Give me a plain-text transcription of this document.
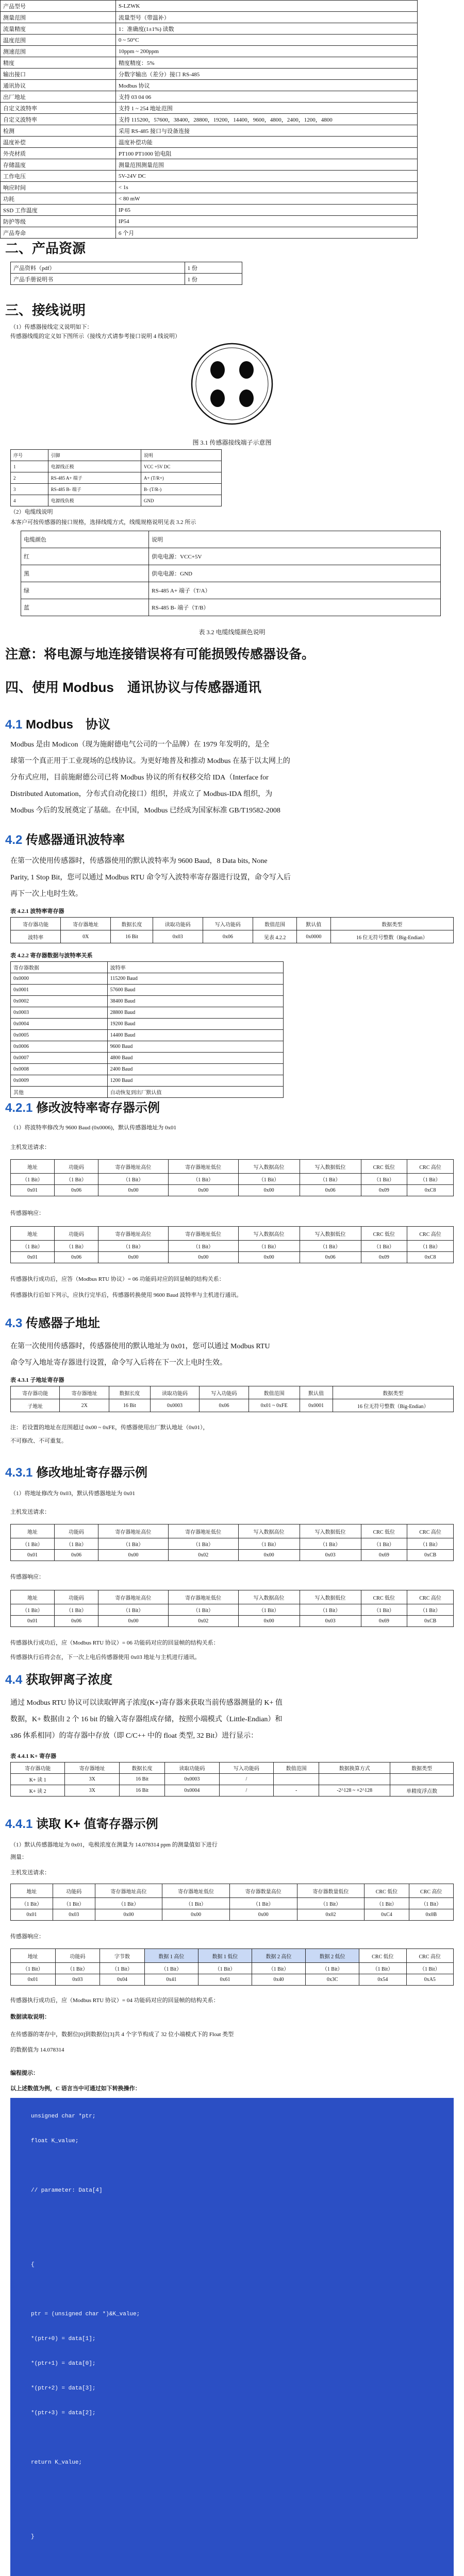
产品型号	S-LZWK
测量范围	流量型号（带温补）
流量精度	1：准确度(1±1%) 读数
温度范围	0 ~ 50°C
测速范围	10ppm ~ 200ppm
精度	精度精度：5%
输出接口	分数字输出（差分）接口 RS-485
通讯协议	Modbus 协议
出厂地址	支持 03 04 06
自定义波特率	支持 1 ~ 254 地址范围
自定义波特率	支持 115200，57600，38400，28800，19200，14400，9600，4800，2400，1200，4800
检测	采用 RS-485 接口与设备连接
温度补偿	温度补偿功能
外壳材质	PT100 PT1000 铂电阻
存储温度	测量范围测量范围
工作电压	5V-24V DC
响应时间	< 1s
功耗	< 80 mW
SSD 工作温度	IP 65
防护等级	IP54
产品寿命	6 个月
二、产品资源
产品资料（pdf）	1 份
产品手册说明书	1 份
三、接线说明
（1）传感器接线定义说明如下：
传感器线缆的定义如下图所示（接线方式请参考接口说明 4 线说明）
图 3.1 传感器接线端子示意图
序号	引脚	说明
1	电源线正极	VCC +5V DC
2	RS-485 A+ 端子	A+ (T/R+)
3	RS-485 B- 端子	B- (T/R-)
4	电源线负极	GND
（2）电缆线说明
本客户可按传感器的接口规格，选择线缆方式，线缆规格说明见表 3.2 所示
电缆颜色	说明
红	供电电源：VCC+5V
黑	供电电源：GND
绿	RS-485 A+ 端子（T/A）
蓝	RS-485 B- 端子（T/B）
表 3.2 电缆线缆颜色说明
注意：将电源与地连接错误将有可能损毁传感器设备。
四、使用 Modbus　通讯协议与传感器通讯
4.1 Modbus　协议
Modbus 是由 Modicon（现为施耐德电气公司的一个品牌）在 1979 年发明的，是全
球第一个真正用于工业现场的总线协议。为更好地普及和推动 Modbus 在基于以太网上的
分布式应用，目前施耐德公司已将 Modbus 协议的所有权移交给 IDA（Interface for
Distributed Automation，分布式自动化接口）组织，并成立了 Modbus-IDA 组织，为
Modbus 今后的发展奠定了基础。在中国，Modbus 已经成为国家标准 GB/T19582-2008
4.2 传感器通讯波特率
在第一次使用传感器时，传感器使用的默认波特率为 9600 Baud，8 Data bits, None
Parity, 1 Stop Bit，您可以通过 Modbus RTU 命令写入波特率寄存器进行设置，命令写入后
再下一次上电时生效。
表 4.2.1 波特率寄存器
寄存器功能	寄存器地址	数据长度	读取功能码	写入功能码	数值范围	默认值	数据类型
波特率	0X	16 Bit	0x03	0x06	见表 4.2.2	0x0000	16 位无符号整数（Big-Endian）
表 4.2.2 寄存器数据与波特率关系
寄存器数据	波特率
0x0000	115200 Baud
0x0001	57600 Baud
0x0002	38400 Baud
0x0003	28800 Baud
0x0004	19200 Baud
0x0005	14400 Baud
0x0006	9600 Baud
0x0007	4800 Baud
0x0008	2400 Baud
0x0009	1200 Baud
其他	自动恢复到出厂默认值
4.2.1 修改波特率寄存器示例
（1）将波特率修改为 9600 Baud (0x0006)，默认传感器地址为 0x01
主机发送请求：
地址	功能码	寄存器地址高位	寄存器地址低位	写入数据高位	写入数据低位	CRC 低位	CRC 高位
（1 Bit）	（1 Bit）	（1 Bit）	（1 Bit）	（1 Bit）	（1 Bit）	（1 Bit）	（1 Bit）
0x01	0x06	0x00	0x00	0x00	0x06	0x09	0xC8
传感器响应：
地址	功能码	寄存器地址高位	寄存器地址低位	写入数据高位	写入数据低位	CRC 低位	CRC 高位
（1 Bit）	（1 Bit）	（1 Bit）	（1 Bit）	（1 Bit）	（1 Bit）	（1 Bit）	（1 Bit）
0x01	0x06	0x00	0x00	0x00	0x06	0x09	0xC8
传感器执行成功后，应答（Modbus RTU 协议）= 06 功能码对应的回显帧的结构关系：
传感器执行后如下列示，应执行完毕后，传感器转换使用 9600 Baud 波特率与主机进行通讯。
4.3 传感器子地址
在第一次使用传感器时，传感器使用的默认地址为 0x01，您可以通过 Modbus RTU
命令写入地址寄存器进行设置，命令写入后将在下一次上电时生效。
表 4.3.1 子地址寄存器
寄存器功能	寄存器地址	数据长度	读取功能码	写入功能码	数值范围	默认值	数据类型
子地址	2X	16 Bit	0x0003	0x06	0x01 ~ 0xFE	0x0001	16 位无符号整数（Big-Endian）
注：若设置的地址在范围超过 0x00 ~ 0xFE，传感器使用出厂默认地址（0x01），
不可修改、不可重复。
4.3.1 修改地址寄存器示例
（1）将地址修改为 0x03，默认传感器地址为 0x01
主机发送请求：
地址	功能码	寄存器地址高位	寄存器地址低位	写入数据高位	写入数据低位	CRC 低位	CRC 高位
（1 Bit）	（1 Bit）	（1 Bit）	（1 Bit）	（1 Bit）	（1 Bit）	（1 Bit）	（1 Bit）
0x01	0x06	0x00	0x02	0x00	0x03	0x69	0xCB
传感器响应：
地址	功能码	寄存器地址高位	寄存器地址低位	写入数据高位	写入数据低位	CRC 低位	CRC 高位
（1 Bit）	（1 Bit）	（1 Bit）	（1 Bit）	（1 Bit）	（1 Bit）	（1 Bit）	（1 Bit）
0x01	0x06	0x00	0x02	0x00	0x03	0x69	0xCB
传感器执行成功后，应（Modbus RTU 协议）= 06 功能码对应的回显帧的结构关系：
传感器执行后将会在，下一次上电后传感器使用 0x03 地址与主机进行通讯。
4.4 获取钾离子浓度
通过 Modbus RTU 协议可以读取钾离子浓度(K+)寄存器来获取当前传感器测量的 K+ 值
数据，K+ 数据由 2 个 16 bit 的输入寄存器组成存储，按照小端模式（Little-Endian）和
x86 体系相同）的寄存器中存放（即 C/C++ 中的 float 类型, 32 Bit）进行显示：
表 4.4.1 K+ 寄存器
寄存器功能	寄存器地址	数据长度	读取功能码	写入功能码	数值范围	数据换算方式	数据类型
K+ 读 1	3X	16 Bit	0x0003	/			
K+ 读 2	3X	16 Bit	0x0004	/	-	-2^128 ~ +2^128	单精度浮点数
4.4.1 读取 K+ 值寄存器示例
（1）默认传感器地址为 0x01，电极浓度在测量为 14.078314 ppm 的测量值如下进行
测量：
主机发送请求：
地址	功能码	寄存器地址高位	寄存器地址低位	寄存器数量高位	寄存器数量低位	CRC 低位	CRC 高位
（1 Bit）	（1 Bit）	（1 Bit）	（1 Bit）	（1 Bit）	（1 Bit）	（1 Bit）	（1 Bit）
0x01	0x03	0x00	0x00	0x00	0x02	0xC4	0x0B
传感器响应：
地址	功能码	字节数	数据 1 高位	数据 1 低位	数据 2 高位	数据 2 低位	CRC 低位	CRC 高位
（1 Bit）	（1 Bit）	（1 Bit）	（1 Bit）	（1 Bit）	（1 Bit）	（1 Bit）	（1 Bit）	（1 Bit）
0x01	0x03	0x04	0x41	0x61	0x40	0x3C	0x54	0xA5
传感器执行成功后，应（Modbus RTU 协议）= 04 功能码对应的回显帧的结构关系：
数据读取说明：
在传感器的寄存中，数据位[0]到数据位[3]共 4 个字节构成了 32 位小端模式下的 Float 类型
的数据值为 14.078314
编程提示：
以上述数值为例，C 语言当中可通过如下转换操作：
unsigned char *ptr;
float K_value;
// parameter: Data[4]
{
ptr = (unsigned char *)&K_value;
*(ptr+0) = data[1];
*(ptr+1) = data[0];
*(ptr+2) = data[3];
*(ptr+3) = data[2];
return K_value;
}
